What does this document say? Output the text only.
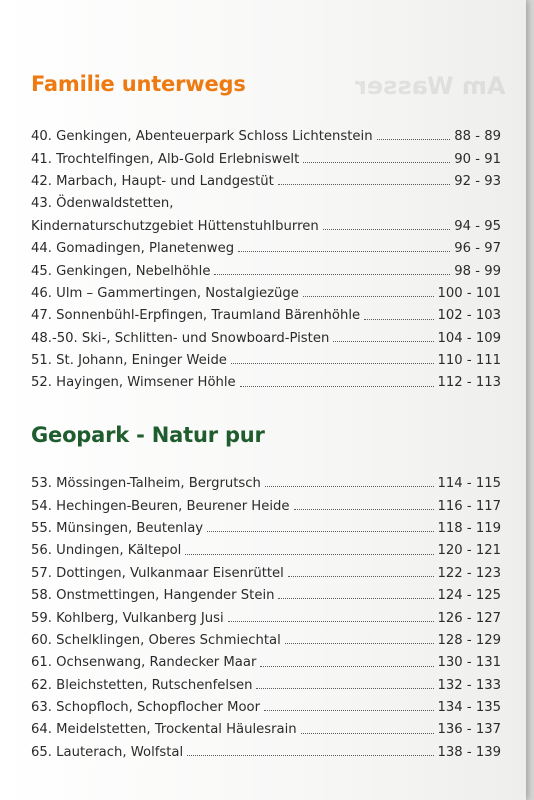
Am Wasser
Familie unterwegs
40. Genkingen, Abenteuerpark Schloss Lichtenstein	88 - 89
41. Trochtelfingen, Alb-Gold Erlebniswelt	90 - 91
42. Marbach, Haupt- und Landgestüt	92 - 93
43. Ödenwaldstetten,
Kindernaturschutzgebiet Hüttenstuhlburren	94 - 95
44. Gomadingen, Planetenweg	96 - 97
45. Genkingen, Nebelhöhle	98 - 99
46. Ulm – Gammertingen, Nostalgiezüge	100 - 101
47. Sonnenbühl-Erpfingen, Traumland Bärenhöhle	102 - 103
48.-50. Ski-, Schlitten- und Snowboard-Pisten	104 - 109
51. St. Johann, Eninger Weide	110 - 111
52. Hayingen, Wimsener Höhle	112 - 113
Geopark - Natur pur
53. Mössingen-Talheim, Bergrutsch	114 - 115
54. Hechingen-Beuren, Beurener Heide	116 - 117
55. Münsingen, Beutenlay	118 - 119
56. Undingen, Kältepol	120 - 121
57. Dottingen, Vulkanmaar Eisenrüttel	122 - 123
58. Onstmettingen, Hangender Stein	124 - 125
59. Kohlberg, Vulkanberg Jusi	126 - 127
60. Schelklingen, Oberes Schmiechtal	128 - 129
61. Ochsenwang, Randecker Maar	130 - 131
62. Bleichstetten, Rutschenfelsen	132 - 133
63. Schopfloch, Schopflocher Moor	134 - 135
64. Meidelstetten, Trockental Häulesrain	136 - 137
65. Lauterach, Wolfstal	138 - 139
